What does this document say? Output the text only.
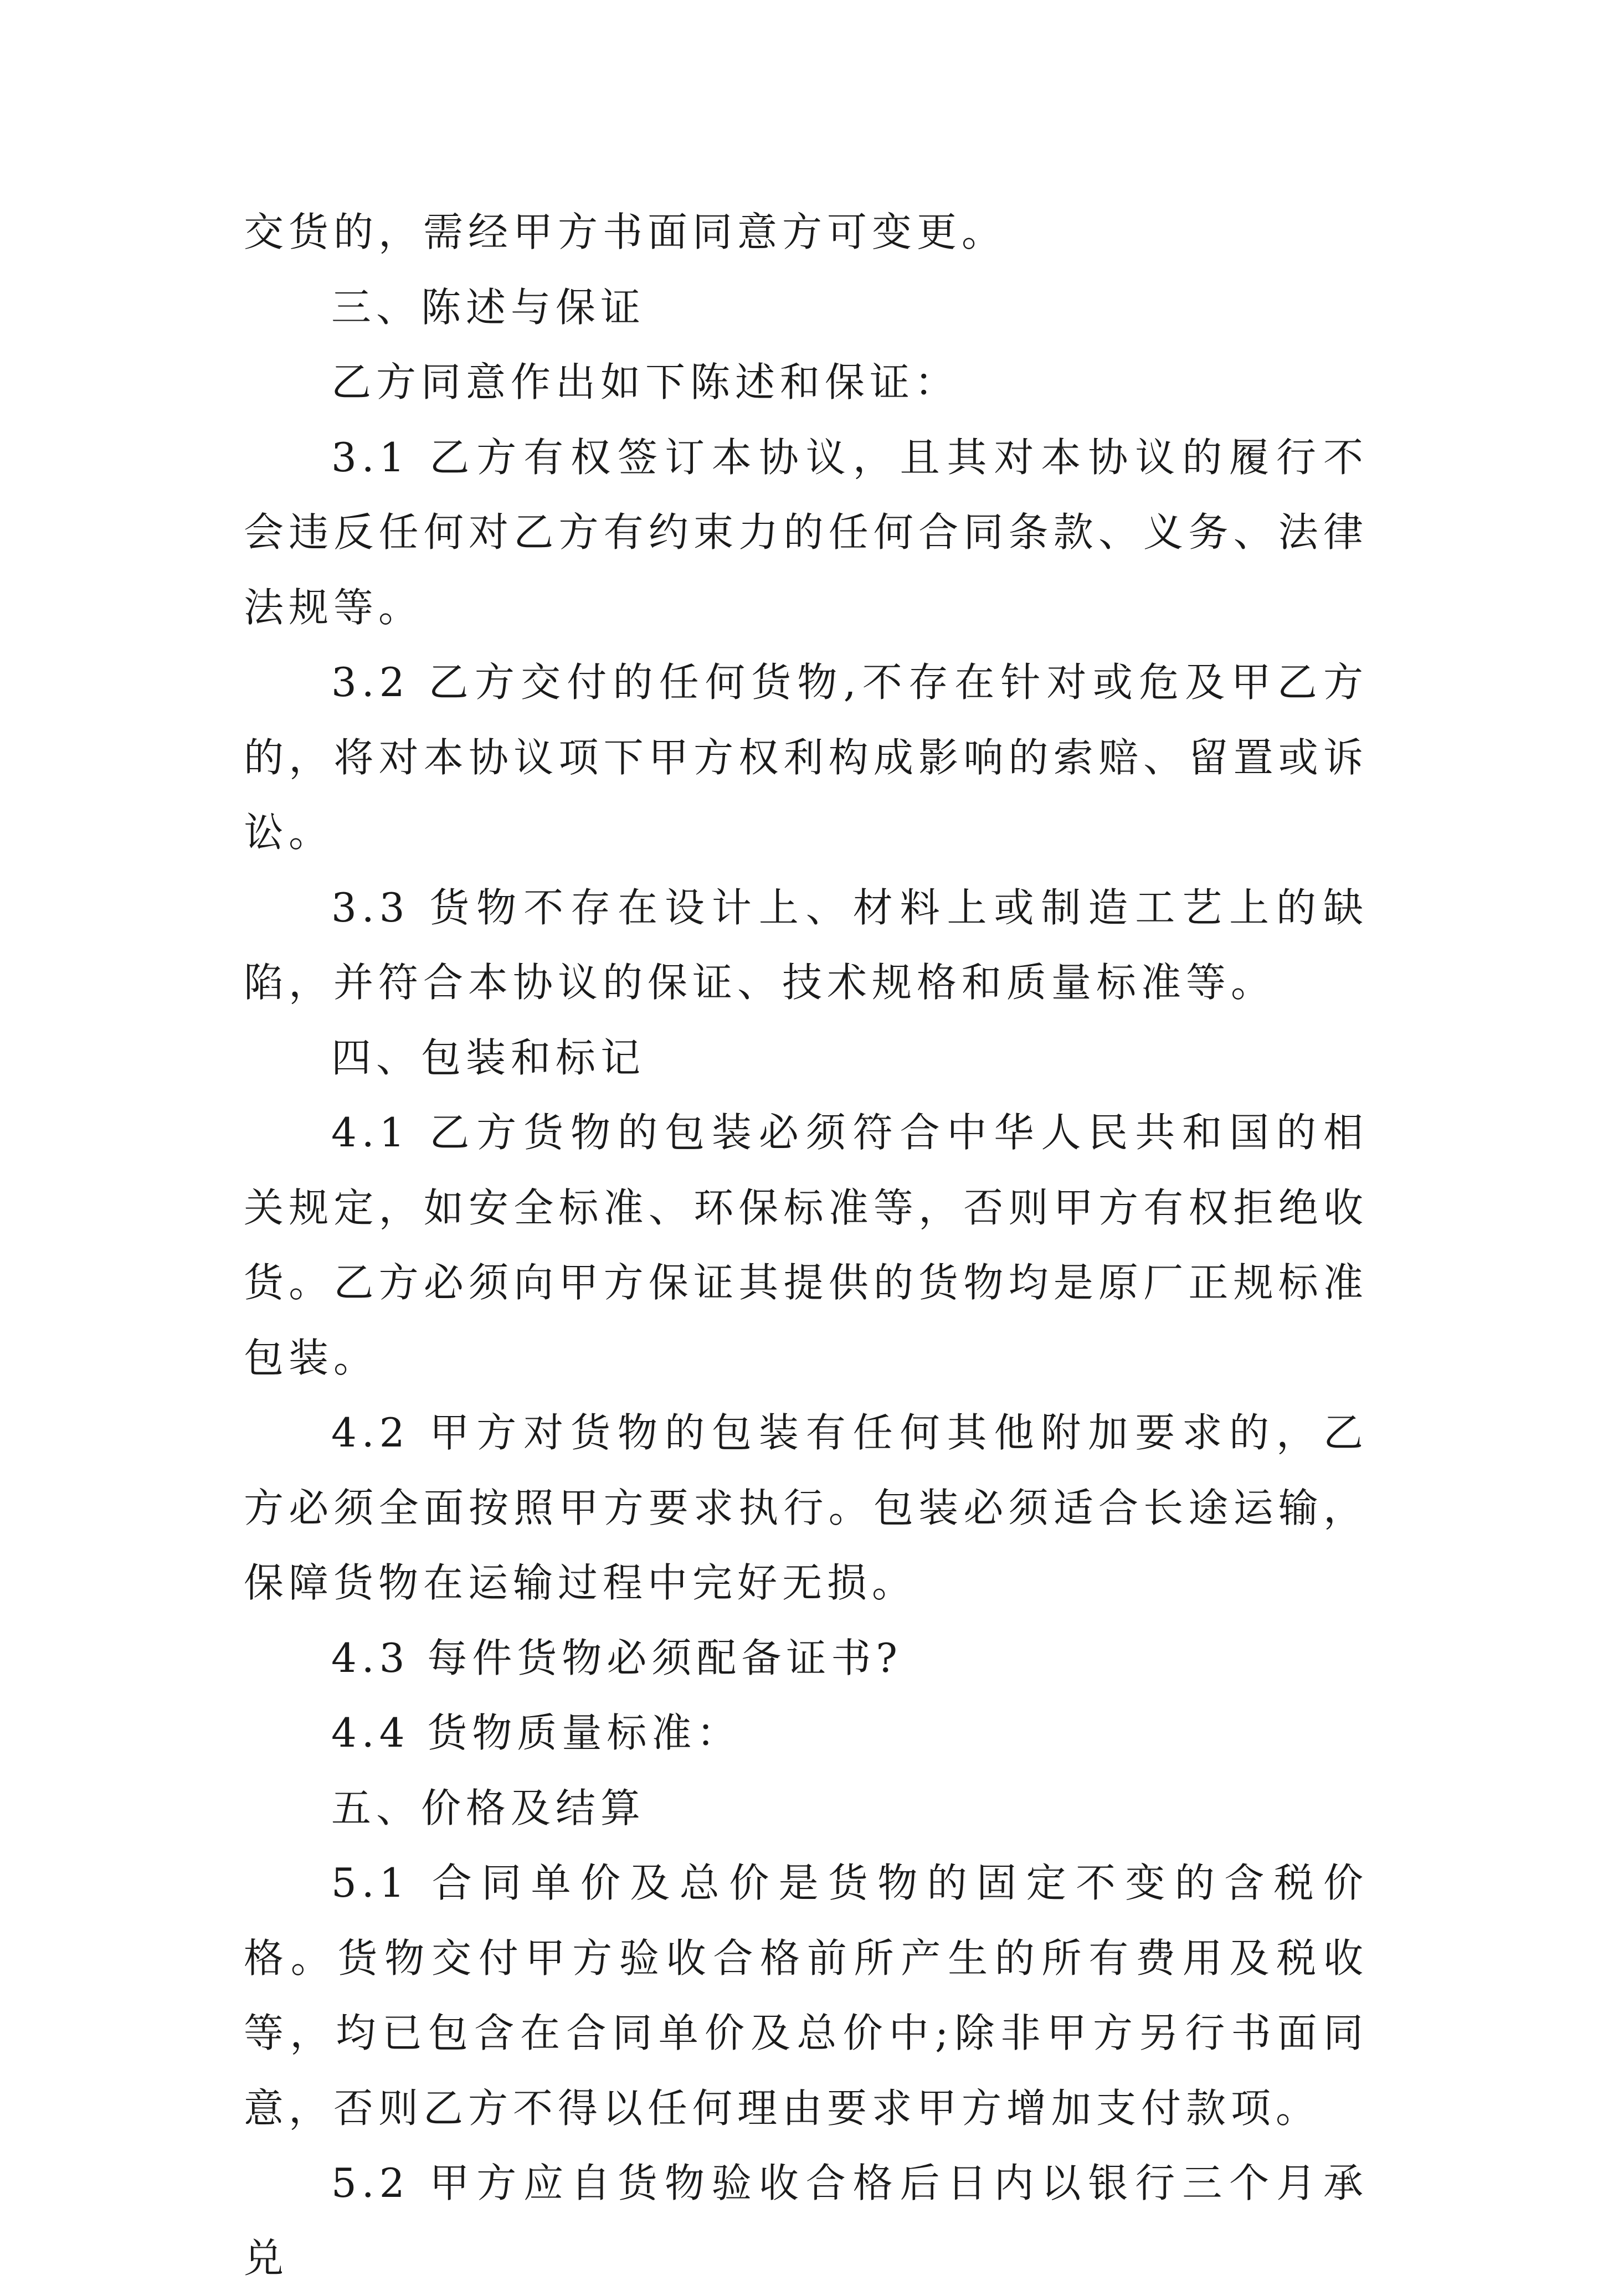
交货的，需经甲方书面同意方可变更。

三、陈述与保证

乙方同意作出如下陈述和保证：

3.1 乙方有权签订本协议，且其对本协议的履行不会违反任何对乙方有约束力的任何合同条款、义务、法律法规等。

3.2 乙方交付的任何货物,不存在针对或危及甲乙方的，将对本协议项下甲方权利构成影响的索赔、留置或诉讼。

3.3 货物不存在设计上、材料上或制造工艺上的缺陷，并符合本协议的保证、技术规格和质量标准等。

四、包装和标记

4.1 乙方货物的包装必须符合中华人民共和国的相关规定，如安全标准、环保标准等，否则甲方有权拒绝收货。乙方必须向甲方保证其提供的货物均是原厂正规标准包装。

4.2 甲方对货物的包装有任何其他附加要求的，乙方必须全面按照甲方要求执行。包装必须适合长途运输，保障货物在运输过程中完好无损。

4.3 每件货物必须配备证书?

4.4 货物质量标准：

五、价格及结算

5.1 合同单价及总价是货物的固定不变的含税价格。货物交付甲方验收合格前所产生的所有费用及税收等，均已包含在合同单价及总价中;除非甲方另行书面同意，否则乙方不得以任何理由要求甲方增加支付款项。

5.2 甲方应自货物验收合格后日内以银行三个月承兑
